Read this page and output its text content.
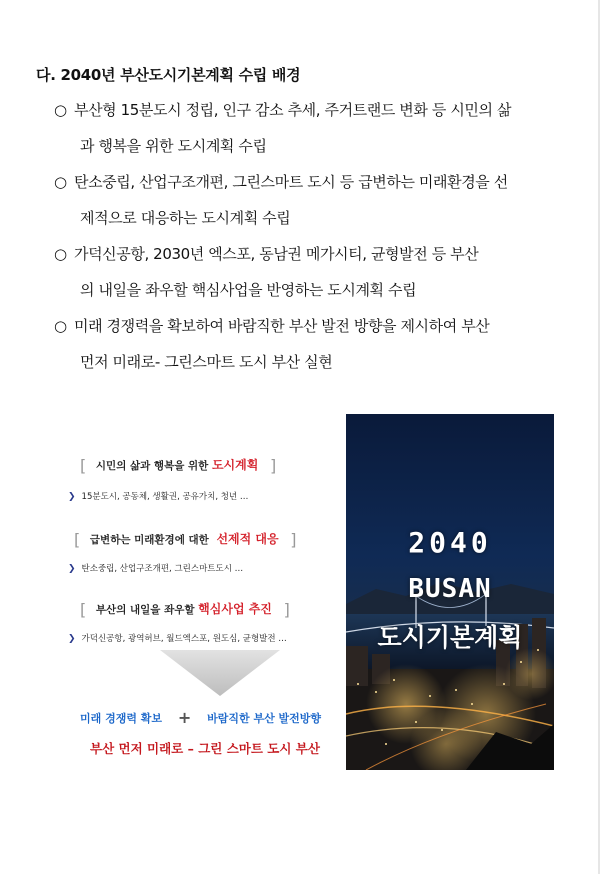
다. 2040년 부산도시기본계획 수립 배경
○ 부산형 15분도시 정립, 인구 감소 추세, 주거트랜드 변화 등 시민의 삶
과 행복을 위한 도시계획 수립
○ 탄소중립, 산업구조개편, 그린스마트 도시 등 급변하는 미래환경을 선
제적으로 대응하는 도시계획 수립
○ 가덕신공항, 2030년 엑스포, 동남권 메가시티, 균형발전 등 부산
의 내일을 좌우할 핵심사업을 반영하는 도시계획 수립
○ 미래 경쟁력을 확보하여 바람직한 부산 발전 방향을 제시하여 부산
먼저 미래로- 그린스마트 도시 부산 실현
[ 시민의 삶과 행복을 위한 도시계획 ]
❯ 15분도시, 공동체, 생활권, 공유가치, 청년 …
[ 급변하는 미래환경에 대한 선제적 대응 ]
❯ 탄소중립, 산업구조개편, 그린스마트도시 …
[ 부산의 내일을 좌우할 핵심사업 추진 ]
❯ 가덕신공항, 광역허브, 월드엑스포, 원도심, 균형발전 …
미래 경쟁력 확보 + 바람직한 부산 발전방향
부산 먼저 미래로 – 그린 스마트 도시 부산
2040
BUSAN
도시기본계획
